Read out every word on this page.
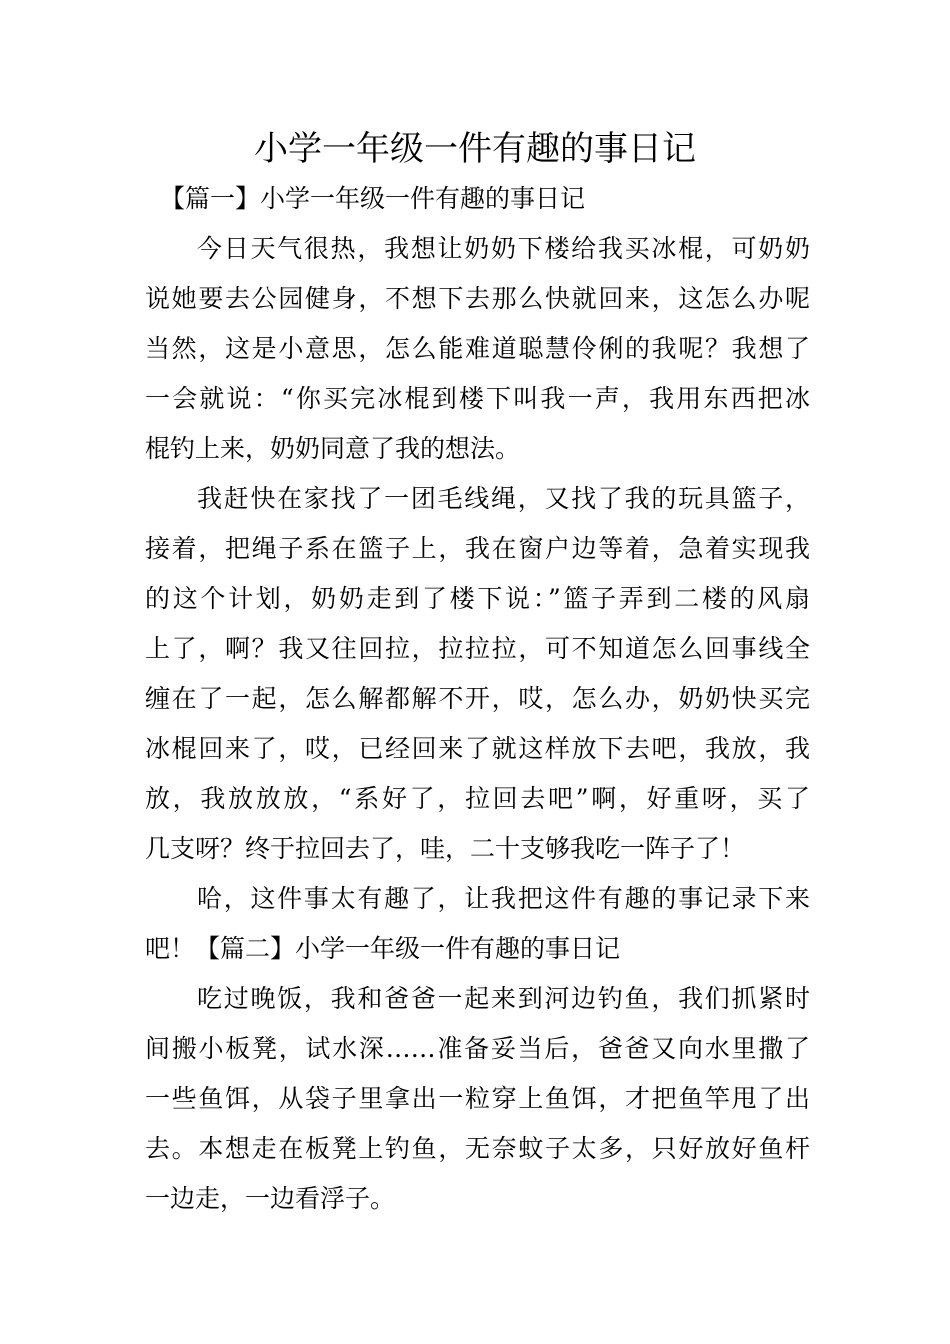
小学一年级一件有趣的事日记
【篇一】小学一年级一件有趣的事日记
今日天气很热，我想让奶奶下楼给我买冰棍，可奶奶
说她要去公园健身，不想下去那么快就回来，这怎么办呢
当然，这是小意思，怎么能难道聪慧伶俐的我呢？我想了
一会就说：“你买完冰棍到楼下叫我一声，我用东西把冰
棍钓上来，奶奶同意了我的想法。
我赶快在家找了一团毛线绳，又找了我的玩具篮子，
接着，把绳子系在篮子上，我在窗户边等着，急着实现我
的这个计划，奶奶走到了楼下说：”篮子弄到二楼的风扇
上了，啊？我又往回拉，拉拉拉，可不知道怎么回事线全
缠在了一起，怎么解都解不开，哎，怎么办，奶奶快买完
冰棍回来了，哎，已经回来了就这样放下去吧，我放，我
放，我放放放，“系好了，拉回去吧”啊，好重呀，买了
几支呀？终于拉回去了，哇，二十支够我吃一阵子了！
哈，这件事太有趣了，让我把这件有趣的事记录下来
吧！【篇二】小学一年级一件有趣的事日记
吃过晚饭，我和爸爸一起来到河边钓鱼，我们抓紧时
间搬小板凳，试水深……准备妥当后，爸爸又向水里撒了
一些鱼饵，从袋子里拿出一粒穿上鱼饵，才把鱼竿甩了出
去。本想走在板凳上钓鱼，无奈蚊子太多，只好放好鱼杆
一边走，一边看浮子。
